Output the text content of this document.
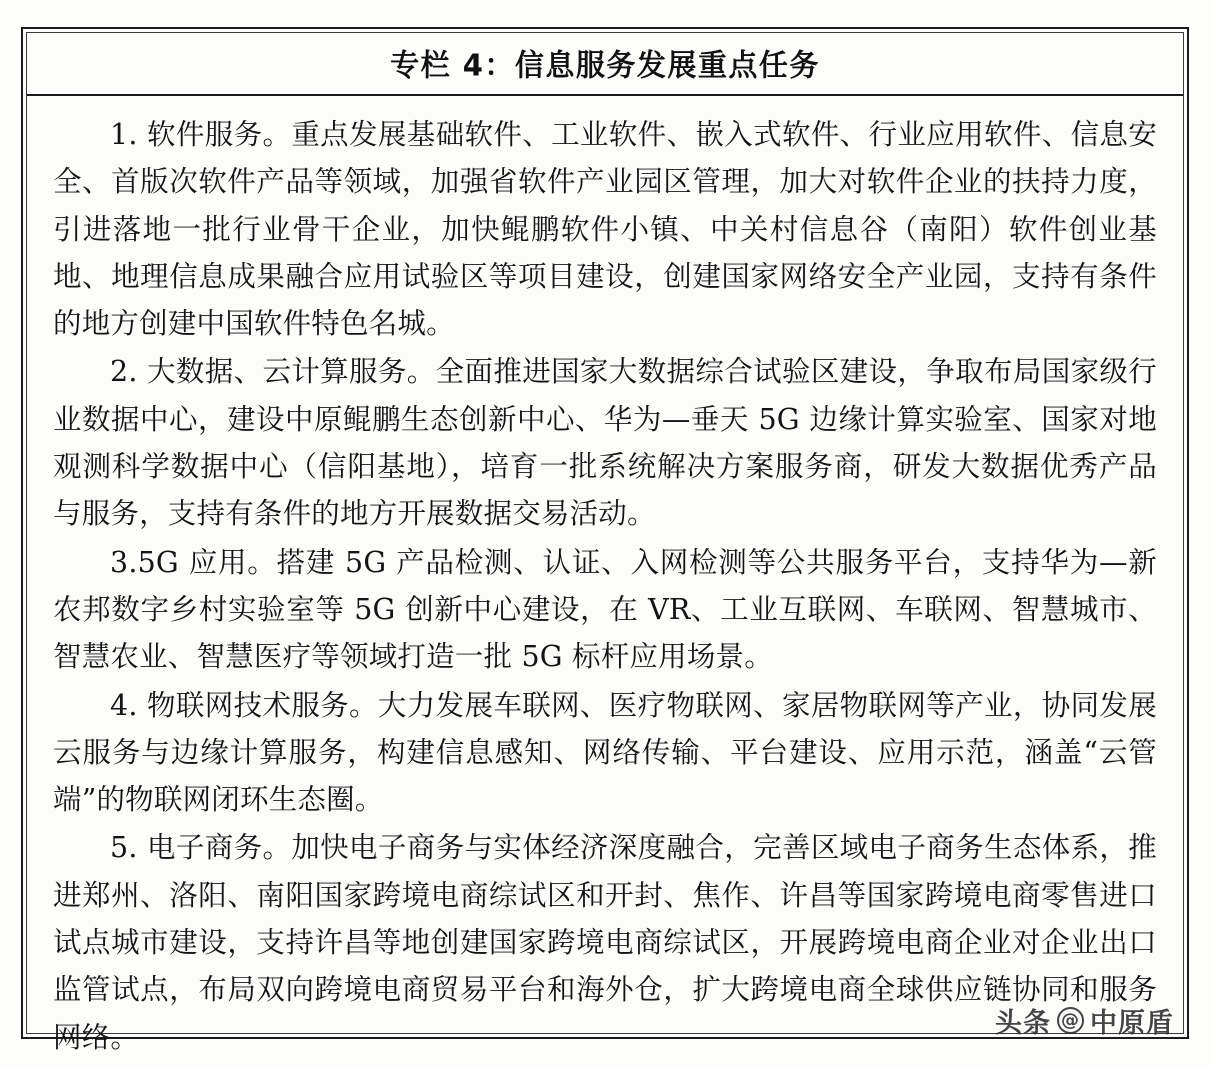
专栏 4：信息服务发展重点任务

1. 软件服务。重点发展基础软件、工业软件、嵌入式软件、行业应用软件、信息安全、首版次软件产品等领域，加强省软件产业园区管理，加大对软件企业的扶持力度，引进落地一批行业骨干企业，加快鲲鹏软件小镇、中关村信息谷（南阳）软件创业基地、地理信息成果融合应用试验区等项目建设，创建国家网络安全产业园，支持有条件的地方创建中国软件特色名城。

2. 大数据、云计算服务。全面推进国家大数据综合试验区建设，争取布局国家级行业数据中心，建设中原鲲鹏生态创新中心、华为—垂天 5G 边缘计算实验室、国家对地观测科学数据中心（信阳基地），培育一批系统解决方案服务商，研发大数据优秀产品与服务，支持有条件的地方开展数据交易活动。

3.5G 应用。搭建 5G 产品检测、认证、入网检测等公共服务平台，支持华为—新农邦数字乡村实验室等 5G 创新中心建设，在 VR、工业互联网、车联网、智慧城市、智慧农业、智慧医疗等领域打造一批 5G 标杆应用场景。

4. 物联网技术服务。大力发展车联网、医疗物联网、家居物联网等产业，协同发展云服务与边缘计算服务，构建信息感知、网络传输、平台建设、应用示范，涵盖“云管端”的物联网闭环生态圈。

5. 电子商务。加快电子商务与实体经济深度融合，完善区域电子商务生态体系，推进郑州、洛阳、南阳国家跨境电商综试区和开封、焦作、许昌等国家跨境电商零售进口试点城市建设，支持许昌等地创建国家跨境电商综试区，开展跨境电商企业对企业出口监管试点，布局双向跨境电商贸易平台和海外仓，扩大跨境电商全球供应链协同和服务网络。	头条 @ 中原盾
